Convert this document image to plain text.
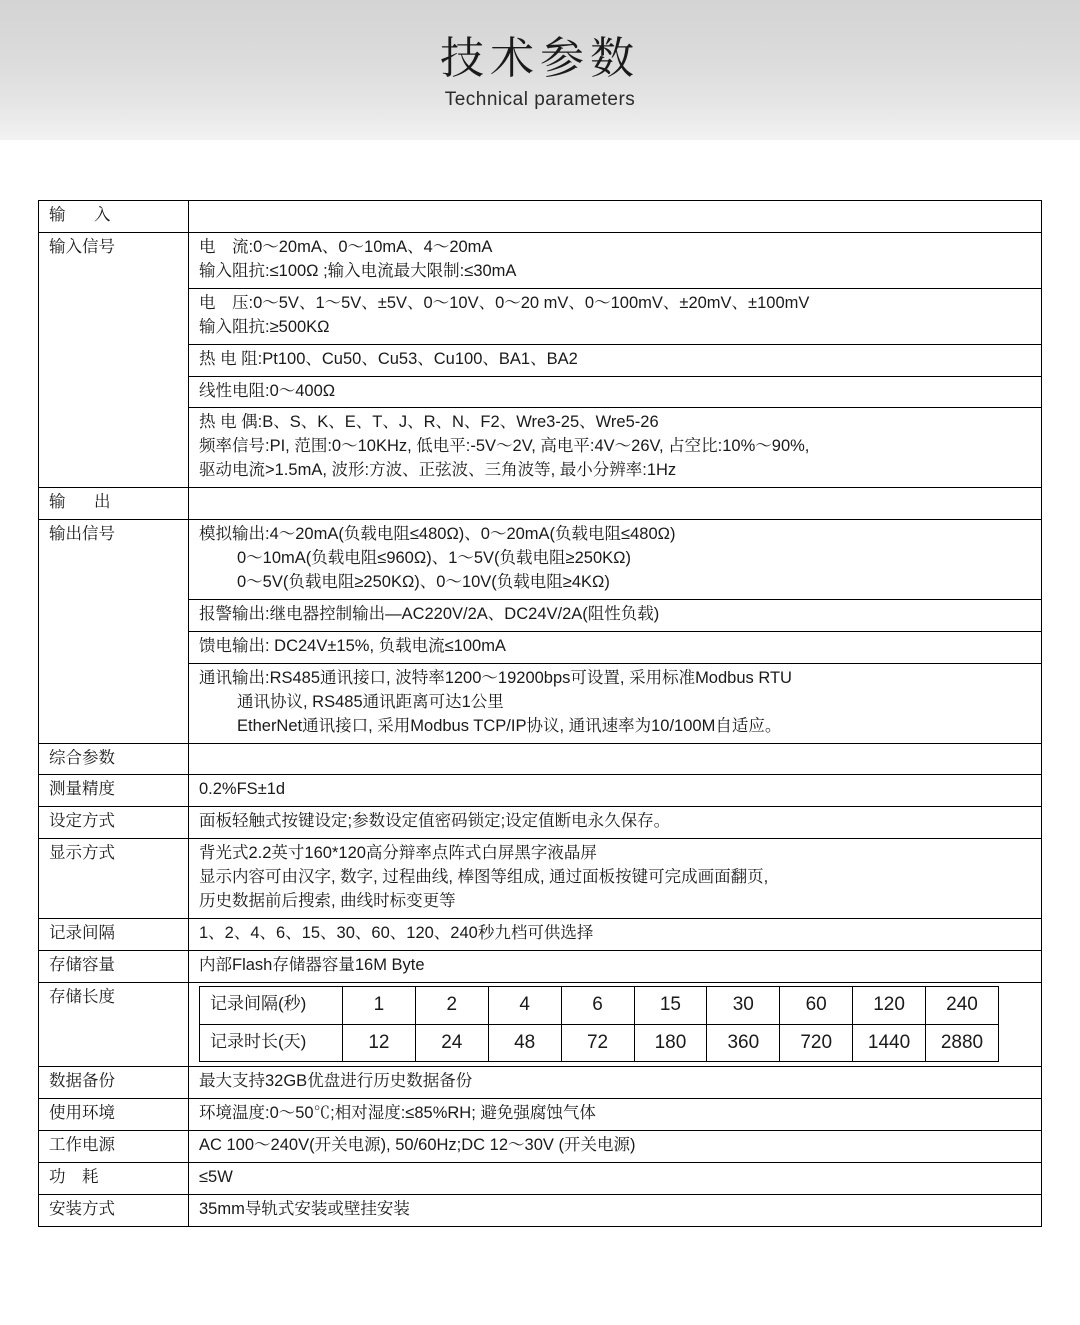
技术参数
Technical parameters
输　入	
输入信号	电　流:0～20mA、0～10mA、4～20mA
输入阻抗:≤100Ω ;输入电流最大限制:≤30mA

电　压:0～5V、1～5V、±5V、0～10V、0～20 mV、0～100mV、±20mV、±100mV
输入阻抗:≥500KΩ

热 电 阻:Pt100、Cu50、Cu53、Cu100、BA1、BA2

线性电阻:0～400Ω

热 电 偶:B、S、K、E、T、J、R、N、F2、Wre3-25、Wre5-26
频率信号:PI, 范围:0～10KHz, 低电平:-5V～2V, 高电平:4V～26V, 占空比:10%～90%,
驱动电流>1.5mA, 波形:方波、正弦波、三角波等, 最小分辨率:1Hz

输　出	
输出信号	模拟输出:4～20mA(负载电阻≤480Ω)、0～20mA(负载电阻≤480Ω)
0～10mA(负载电阻≤960Ω)、1～5V(负载电阻≥250KΩ)
0～5V(负载电阻≥250KΩ)、0～10V(负载电阻≥4KΩ)

报警输出:继电器控制输出—AC220V/2A、DC24V/2A(阻性负载)

馈电输出: DC24V±15%, 负载电流≤100mA

通讯输出:RS485通讯接口, 波特率1200～19200bps可设置, 采用标准Modbus RTU
通讯协议, RS485通讯距离可达1公里
EtherNet通讯接口, 采用Modbus TCP/IP协议, 通讯速率为10/100M自适应。

综合参数	
测量精度	0.2%FS±1d
设定方式	面板轻触式按键设定;参数设定值密码锁定;设定值断电永久保存。
显示方式	背光式2.2英寸160*120高分辩率点阵式白屏黑字液晶屏
显示内容可由汉字, 数字, 过程曲线, 棒图等组成, 通过面板按键可完成画面翻页,
历史数据前后搜索, 曲线时标变更等

记录间隔	1、2、4、6、15、30、60、120、240秒九档可供选择
存储容量	内部Flash存储器容量16M Byte
存储长度		记录间隔(秒)	1	2	4	6	15	30	60	120	240
记录时长(天)	12	24	48	72	180	360	720	1440	2880

数据备份	最大支持32GB优盘进行历史数据备份
使用环境	环境温度:0～50℃;相对湿度:≤85%RH; 避免强腐蚀气体
工作电源	AC 100～240V(开关电源), 50/60Hz;DC 12～30V (开关电源)
功　耗	≤5W
安装方式	35mm导轨式安装或壁挂安装
